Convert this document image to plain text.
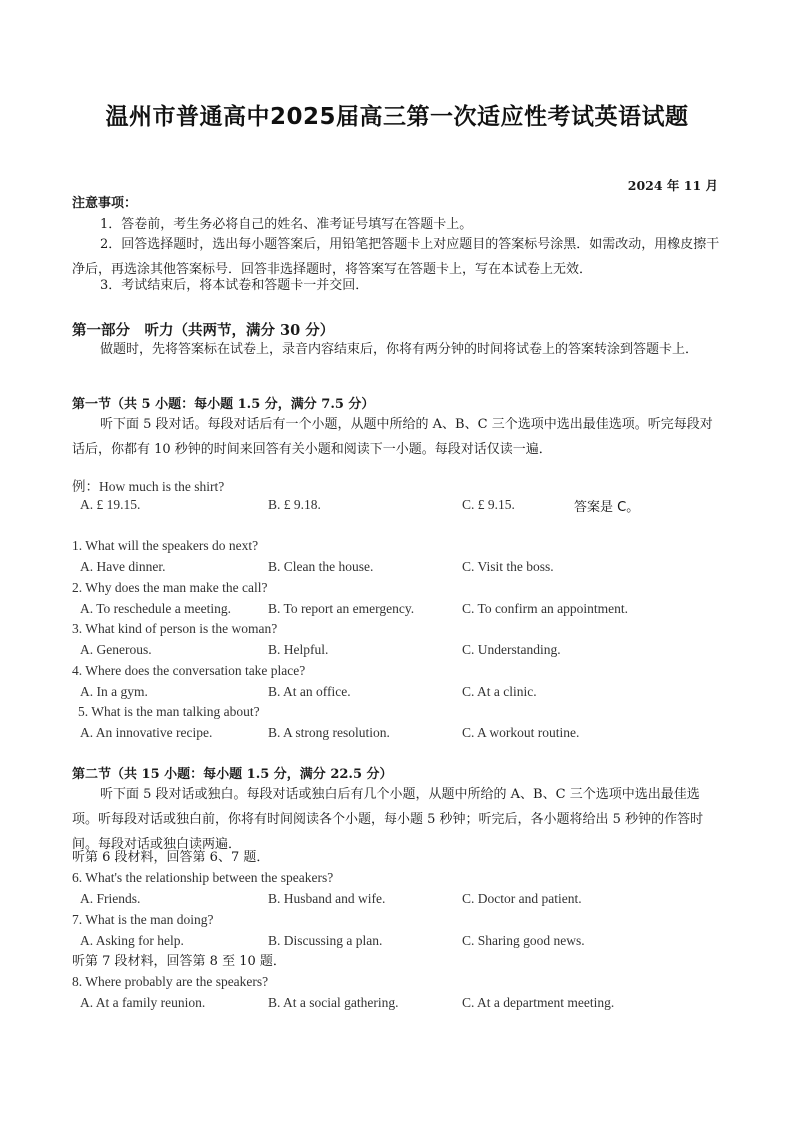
温州市普通高中2025届高三第一次适应性考试英语试题
2024 年 11 月
注意事项：
1．答卷前，考生务必将自己的姓名、准考证号填写在答题卡上。
2．回答选择题时，选出每小题答案后，用铅笔把答题卡上对应题目的答案标号涂黑．如需改动，用橡皮擦干净后，再选涂其他答案标号．回答非选择题时，将答案写在答题卡上，写在本试卷上无效．
3．考试结束后，将本试卷和答题卡一并交回．
第一部分　听力（共两节，满分 30 分）
做题时，先将答案标在试卷上，录音内容结束后，你将有两分钟的时间将试卷上的答案转涂到答题卡上．
第一节（共 5 小题：每小题 1.5 分，满分 7.5 分）
听下面 5 段对话。每段对话后有一个小题，从题中所给的 A、B、C 三个选项中选出最佳选项。听完每段对话后，你都有 10 秒钟的时间来回答有关小题和阅读下一小题。每段对话仅读一遍．
例：How much is the shirt?
A. £ 19.15.	B. £ 9.18.	C. £ 9.15.	答案是 C。
1. What will the speakers do next?
A. Have dinner.	B. Clean the house.	C. Visit the boss.
2. Why does the man make the call?
A. To reschedule a meeting.	B. To report an emergency.	C. To confirm an appointment.
3. What kind of person is the woman?
A. Generous.	B. Helpful.	C. Understanding.
4. Where does the conversation take place?
A. In a gym.	B. At an office.	C. At a clinic.
5. What is the man talking about?
A. An innovative recipe.	B. A strong resolution.	C. A workout routine.
第二节（共 15 小题：每小题 1.5 分，满分 22.5 分）
听下面 5 段对话或独白。每段对话或独白后有几个小题，从题中所给的 A、B、C 三个选项中选出最佳选项。听每段对话或独白前，你将有时间阅读各个小题，每小题 5 秒钟；听完后，各小题将给出 5 秒钟的作答时间。每段对话或独白读两遍．
听第 6 段材料，回答第 6、7 题．
6. What's the relationship between the speakers?
A. Friends.	B. Husband and wife.	C. Doctor and patient.
7. What is the man doing?
A. Asking for help.	B. Discussing a plan.	C. Sharing good news.
听第 7 段材料，回答第 8 至 10 题．
8. Where probably are the speakers?
A. At a family reunion.	B. At a social gathering.	C. At a department meeting.
